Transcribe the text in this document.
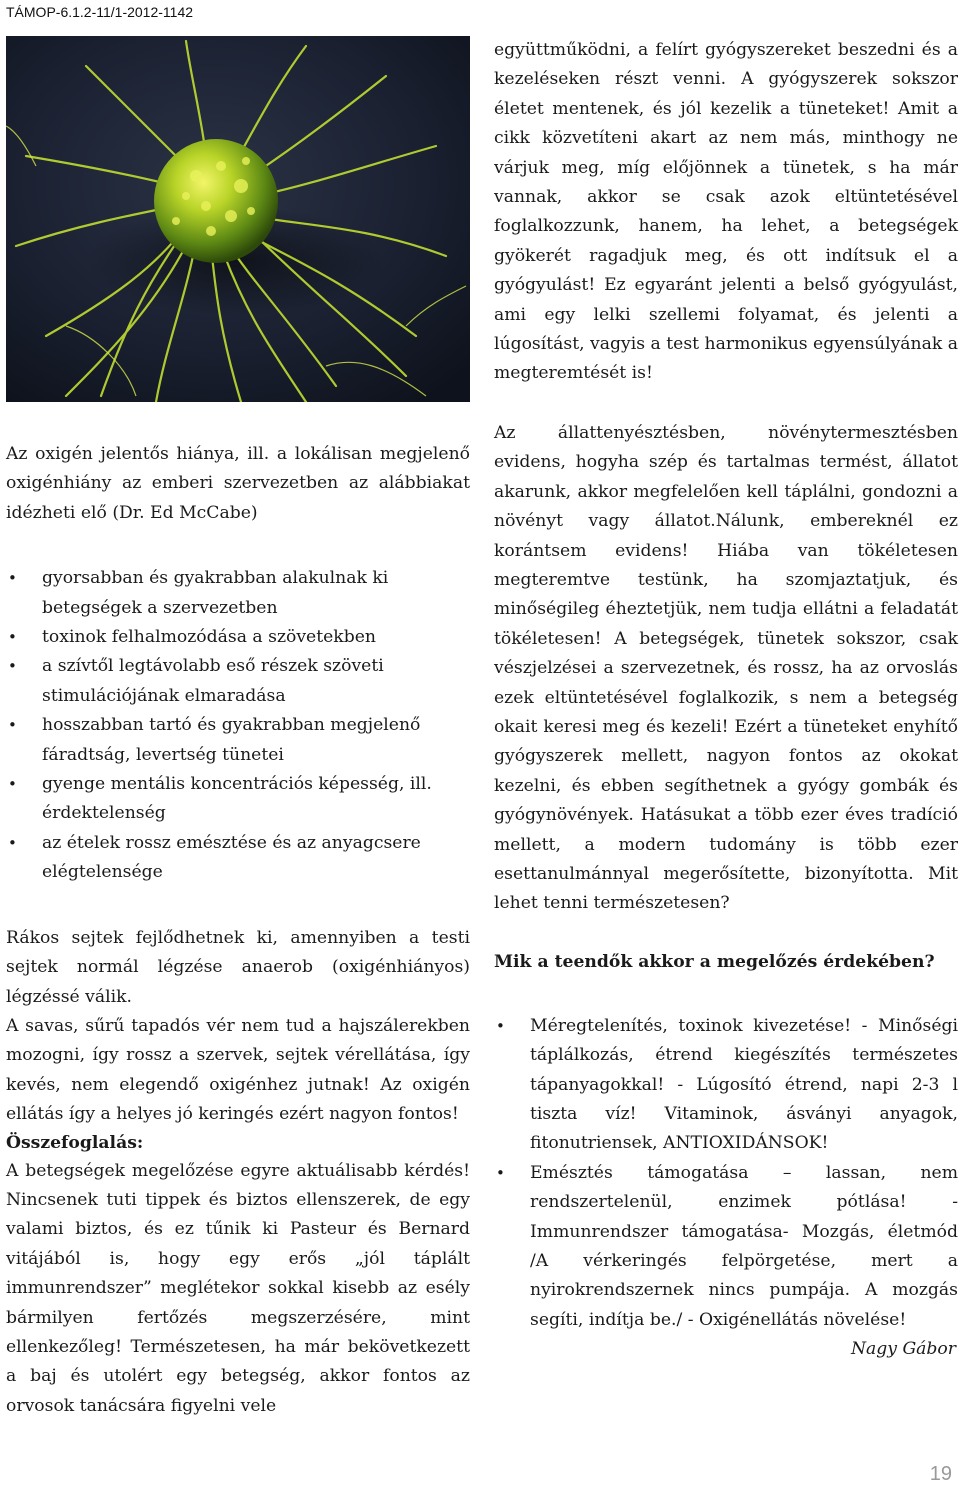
TÁMOP-6.1.2-11/1-2012-1142

Az oxigén jelentős hiánya, ill. a lokálisan megjelenő oxigénhiány az emberi szervezetben az alábbiakat idézheti elő (Dr. Ed McCabe)

• gyorsabban és gyakrabban alakulnak ki betegségek a szervezetben
• toxinok felhalmozódása a szövetekben
• a szívtől legtávolabb eső részek szöveti stimulációjának elmaradása
• hosszabban tartó és gyakrabban megjelenő fáradtság, levertség tünetei
• gyenge mentális koncentrációs képesség, ill. érdektelenség
• az ételek rossz emésztése és az anyagcsere elégtelensége

Rákos sejtek fejlődhetnek ki, amennyiben a testi sejtek normál légzése anaerob (oxigénhiányos) légzéssé válik.

A savas, sűrű tapadós vér nem tud a hajszálerekben mozogni, így rossz a szervek, sejtek vérellátása, így kevés, nem elegendő oxigénhez jutnak! Az oxigén ellátás így a helyes jó keringés ezért nagyon fontos!

Összefoglalás:

A betegségek megelőzése egyre aktuálisabb kérdés! Nincsenek tuti tippek és biztos ellenszerek, de egy valami biztos, és ez tűnik ki Pasteur és Bernard vitájából is, hogy egy erős „jól táplált immunrendszer” meglétekor sokkal kisebb az esély bármilyen fertőzés megszerzésére, mint ellenkezőleg! Természetesen, ha már bekövetkezett a baj és utolért egy betegség, akkor fontos az orvosok tanácsára figyelni vele

együttműködni, a felírt gyógyszereket beszedni és a kezeléseken részt venni. A gyógyszerek sokszor életet mentenek, és jól kezelik a tüneteket! Amit a cikk közvetíteni akart az nem más, minthogy ne várjuk meg, míg előjönnek a tünetek, s ha már vannak, akkor se csak azok eltüntetésével foglalkozzunk, hanem, ha lehet, a betegségek gyökerét ragadjuk meg, és ott indítsuk el a gyógyulást! Ez egyaránt jelenti a belső gyógyulást, ami egy lelki szellemi folyamat, és jelenti a lúgosítást, vagyis a test harmonikus egyensúlyának a megteremtését is!

Az állattenyésztésben, növénytermesztésben evidens, hogyha szép és tartalmas termést, állatot akarunk, akkor megfelelően kell táplálni, gondozni a növényt vagy állatot.Nálunk, embereknél ez korántsem evidens! Hiába van tökéletesen megteremtve testünk, ha szomjaztatjuk, és minőségileg éheztetjük, nem tudja ellátni a feladatát tökéletesen! A betegségek, tünetek sokszor, csak vészjelzései a szervezetnek, és rossz, ha az orvoslás ezek eltüntetésével foglalkozik, s nem a betegség okait keresi meg és kezeli! Ezért a tüneteket enyhítő gyógyszerek mellett, nagyon fontos az okokat kezelni, és ebben segíthetnek a gyógy gombák és gyógynövények. Hatásukat a több ezer éves tradíció mellett, a modern tudomány is több ezer esettanulmánnyal megerősítette, bizonyította. Mit lehet tenni természetesen?

Mik a teendők akkor a megelőzés érdekében?

• Méregtelenítés, toxinok kivezetése! - Minőségi táplálkozás, étrend kiegészítés természetes tápanyagokkal! - Lúgosító étrend, napi 2-3 l tiszta víz! Vitaminok, ásványi anyagok, fitonutriensek, ANTIOXIDÁNSOK!
• Emésztés támogatása – lassan, nem rendszertelenül, enzimek pótlása! - Immunrendszer támogatása- Mozgás, életmód /A vérkeringés felpörgetése, mert a nyirokrendszernek nincs pumpája. A mozgás segíti, indítja be./ - Oxigénellátás növelése!

Nagy Gábor

19
